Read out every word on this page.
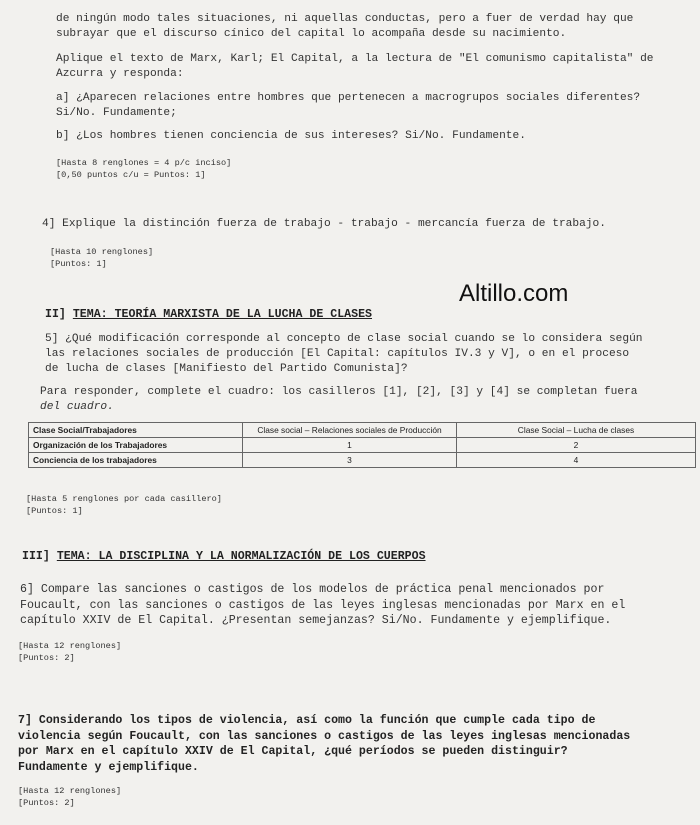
de ningún modo tales situaciones, ni aquellas conductas, pero a fuer de verdad hay que
subrayar que el discurso cínico del capital lo acompaña desde su nacimiento.

Aplique el texto de Marx, Karl; El Capital, a la lectura de "El comunismo capitalista" de
Azcurra y responda:

a] ¿Aparecen relaciones entre hombres que pertenecen a macrogrupos sociales diferentes?
Si/No. Fundamente;

b] ¿Los hombres tienen conciencia de sus intereses? Si/No. Fundamente.

[Hasta 8 renglones = 4 p/c inciso]
[0,50 puntos c/u = Puntos: 1]

4] Explique la distinción fuerza de trabajo - trabajo - mercancía fuerza de trabajo.

[Hasta 10 renglones]
[Puntos: 1]

Altillo.com

II] TEMA: TEORÍA MARXISTA DE LA LUCHA DE CLASES

5] ¿Qué modificación corresponde al concepto de clase social cuando se lo considera según
las relaciones sociales de producción [El Capital: capítulos IV.3 y V], o en el proceso
de lucha de clases [Manifiesto del Partido Comunista]?

Para responder, complete el cuadro: los casilleros [1], [2], [3] y [4] se completan fuera
del cuadro.

Clase Social/Trabajadores	Clase social – Relaciones sociales de Producción	Clase Social – Lucha de clases
Organización de los Trabajadores	1	2
Conciencia de los trabajadores	3	4

[Hasta 5 renglones por cada casillero]
[Puntos: 1]

III] TEMA: LA DISCIPLINA Y LA NORMALIZACIÓN DE LOS CUERPOS

6] Compare las sanciones o castigos de los modelos de práctica penal mencionados por
Foucault, con las sanciones o castigos de las leyes inglesas mencionadas por Marx en el
capítulo XXIV de El Capital. ¿Presentan semejanzas? Si/No. Fundamente y ejemplifique.

[Hasta 12 renglones]
[Puntos: 2]

7] Considerando los tipos de violencia, así como la función que cumple cada tipo de
violencia según Foucault, con las sanciones o castigos de las leyes inglesas mencionadas
por Marx en el capítulo XXIV de El Capital, ¿qué períodos se pueden distinguir?
Fundamente y ejemplifique.

[Hasta 12 renglones]
[Puntos: 2]
